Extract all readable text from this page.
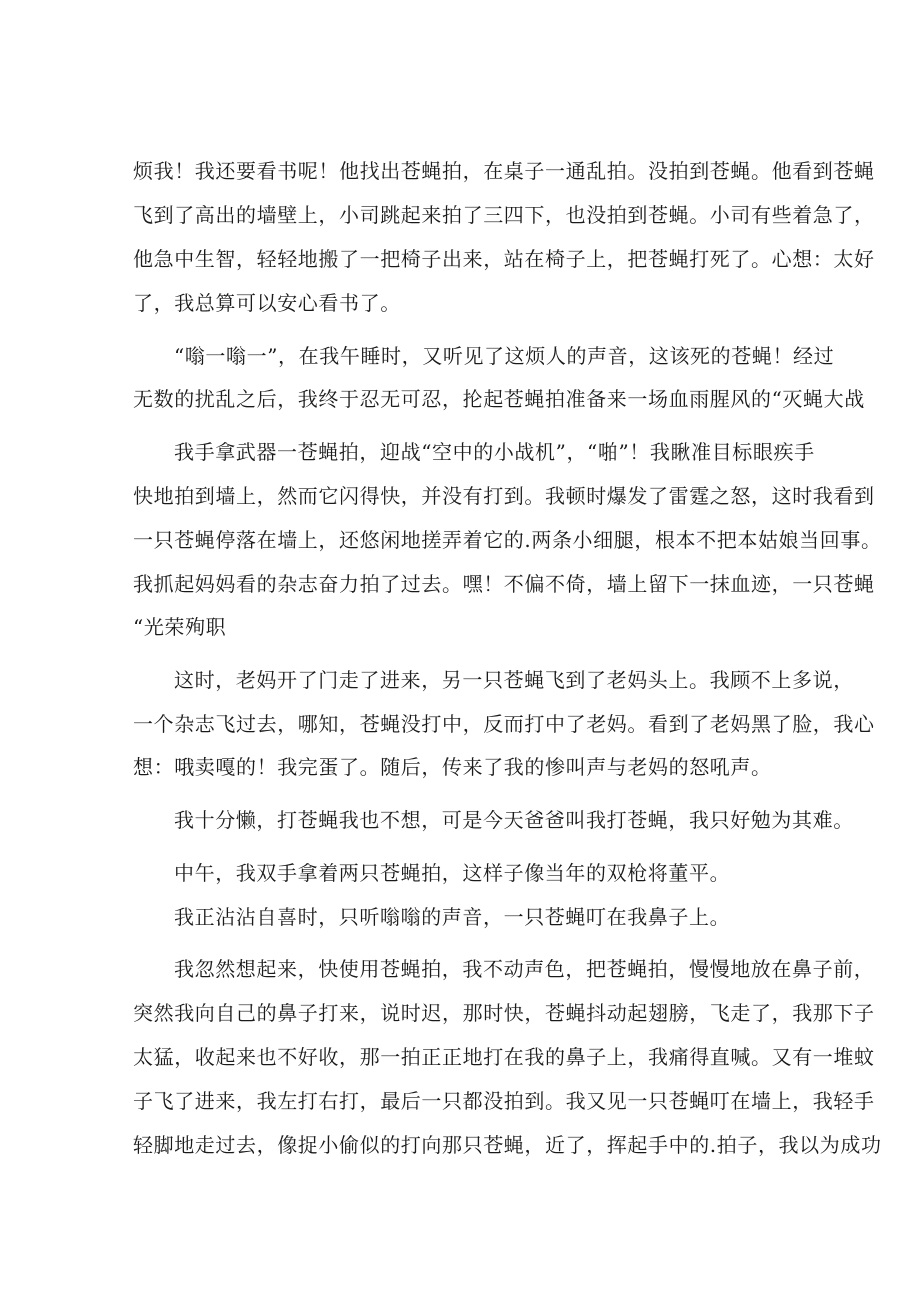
烦我！我还要看书呢！他找出苍蝇拍，在桌子一通乱拍。没拍到苍蝇。他看到苍蝇
飞到了高出的墙壁上，小司跳起来拍了三四下，也没拍到苍蝇。小司有些着急了，
他急中生智，轻轻地搬了一把椅子出来，站在椅子上，把苍蝇打死了。心想：太好
了，我总算可以安心看书了。
“嗡一嗡一”，在我午睡时，又听见了这烦人的声音，这该死的苍蝇！经过
无数的扰乱之后，我终于忍无可忍，抡起苍蝇拍准备来一场血雨腥风的“灭蝇大战
我手拿武器一苍蝇拍，迎战“空中的小战机”，“啪”！我瞅准目标眼疾手
快地拍到墙上，然而它闪得快，并没有打到。我顿时爆发了雷霆之怒，这时我看到
一只苍蝇停落在墙上，还悠闲地搓弄着它的.两条小细腿，根本不把本姑娘当回事。
我抓起妈妈看的杂志奋力拍了过去。嘿！不偏不倚，墙上留下一抹血迹，一只苍蝇
“光荣殉职
这时，老妈开了门走了进来，另一只苍蝇飞到了老妈头上。我顾不上多说，
一个杂志飞过去，哪知，苍蝇没打中，反而打中了老妈。看到了老妈黑了脸，我心
想：哦卖嘎的！我完蛋了。随后，传来了我的惨叫声与老妈的怒吼声。
我十分懒，打苍蝇我也不想，可是今天爸爸叫我打苍蝇，我只好勉为其难。
中午，我双手拿着两只苍蝇拍，这样子像当年的双枪将董平。
我正沾沾自喜时，只听嗡嗡的声音，一只苍蝇叮在我鼻子上。
我忽然想起来，快使用苍蝇拍，我不动声色，把苍蝇拍，慢慢地放在鼻子前，
突然我向自己的鼻子打来，说时迟，那时快，苍蝇抖动起翅膀，飞走了，我那下子
太猛，收起来也不好收，那一拍正正地打在我的鼻子上，我痛得直喊。又有一堆蚊
子飞了进来，我左打右打，最后一只都没拍到。我又见一只苍蝇叮在墙上，我轻手
轻脚地走过去，像捉小偷似的打向那只苍蝇，近了，挥起手中的.拍子，我以为成功
